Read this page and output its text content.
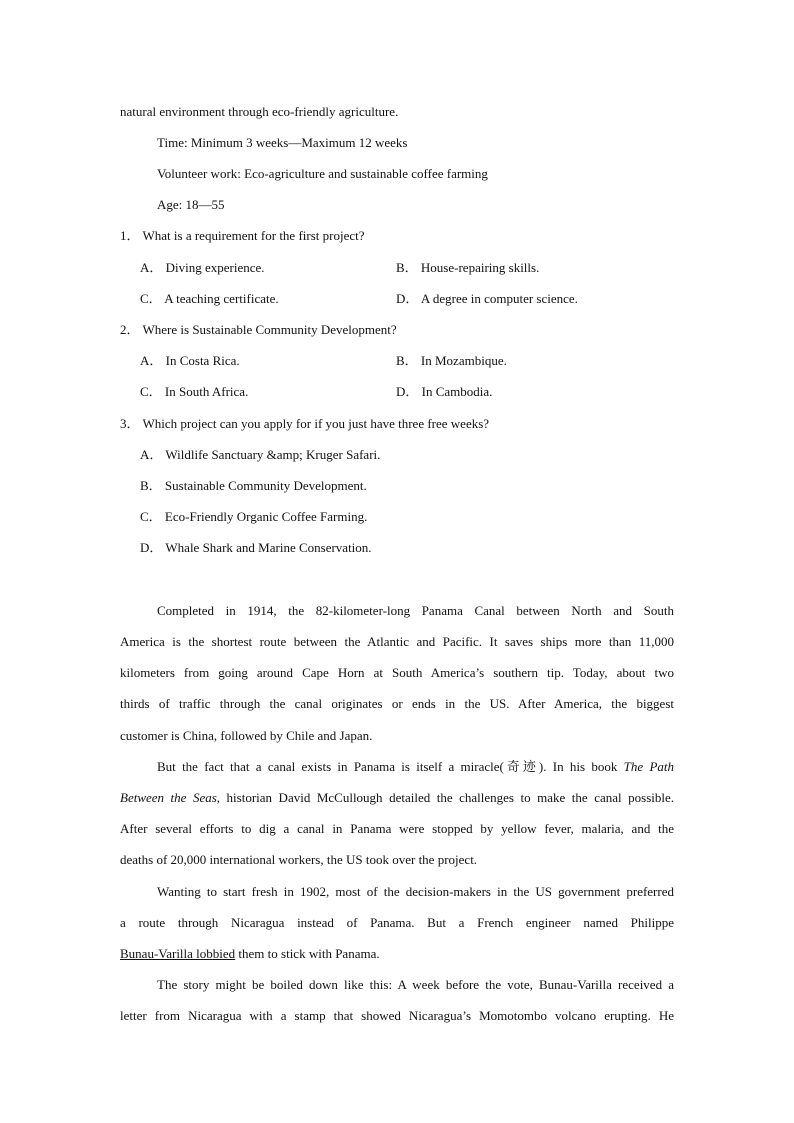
natural environment through eco-friendly agriculture.
Time: Minimum 3 weeks—Maximum 12 weeks
Volunteer work: Eco-agriculture and sustainable coffee farming
Age: 18—55
1． What is a requirement for the first project?
A． Diving experience.	B． House-repairing skills.
C． A teaching certificate.	D． A degree in computer science.
2． Where is Sustainable Community Development?
A． In Costa Rica.	B． In Mozambique.
C． In South Africa.	D． In Cambodia.
3． Which project can you apply for if you just have three free weeks?
A． Wildlife Sanctuary &amp; Kruger Safari.
B． Sustainable Community Development.
C． Eco-Friendly Organic Coffee Farming.
D． Whale Shark and Marine Conservation.
Completed in 1914, the 82-kilometer-long Panama Canal between North and South
America is the shortest route between the Atlantic and Pacific. It saves ships more than 11,000
kilometers from going around Cape Horn at South America’s southern tip. Today, about two
thirds of traffic through the canal originates or ends in the US. After America, the biggest
customer is China, followed by Chile and Japan.
But the fact that a canal exists in Panama is itself a miracle(奇迹). In his book The Path
Between the Seas, historian David McCullough detailed the challenges to make the canal possible.
After several efforts to dig a canal in Panama were stopped by yellow fever, malaria, and the
deaths of 20,000 international workers, the US took over the project.
Wanting to start fresh in 1902, most of the decision-makers in the US government preferred
a route through Nicaragua instead of Panama. But a French engineer named Philippe
Bunau-Varilla lobbied them to stick with Panama.
The story might be boiled down like this: A week before the vote, Bunau-Varilla received a
letter from Nicaragua with a stamp that showed Nicaragua’s Momotombo volcano erupting. He
